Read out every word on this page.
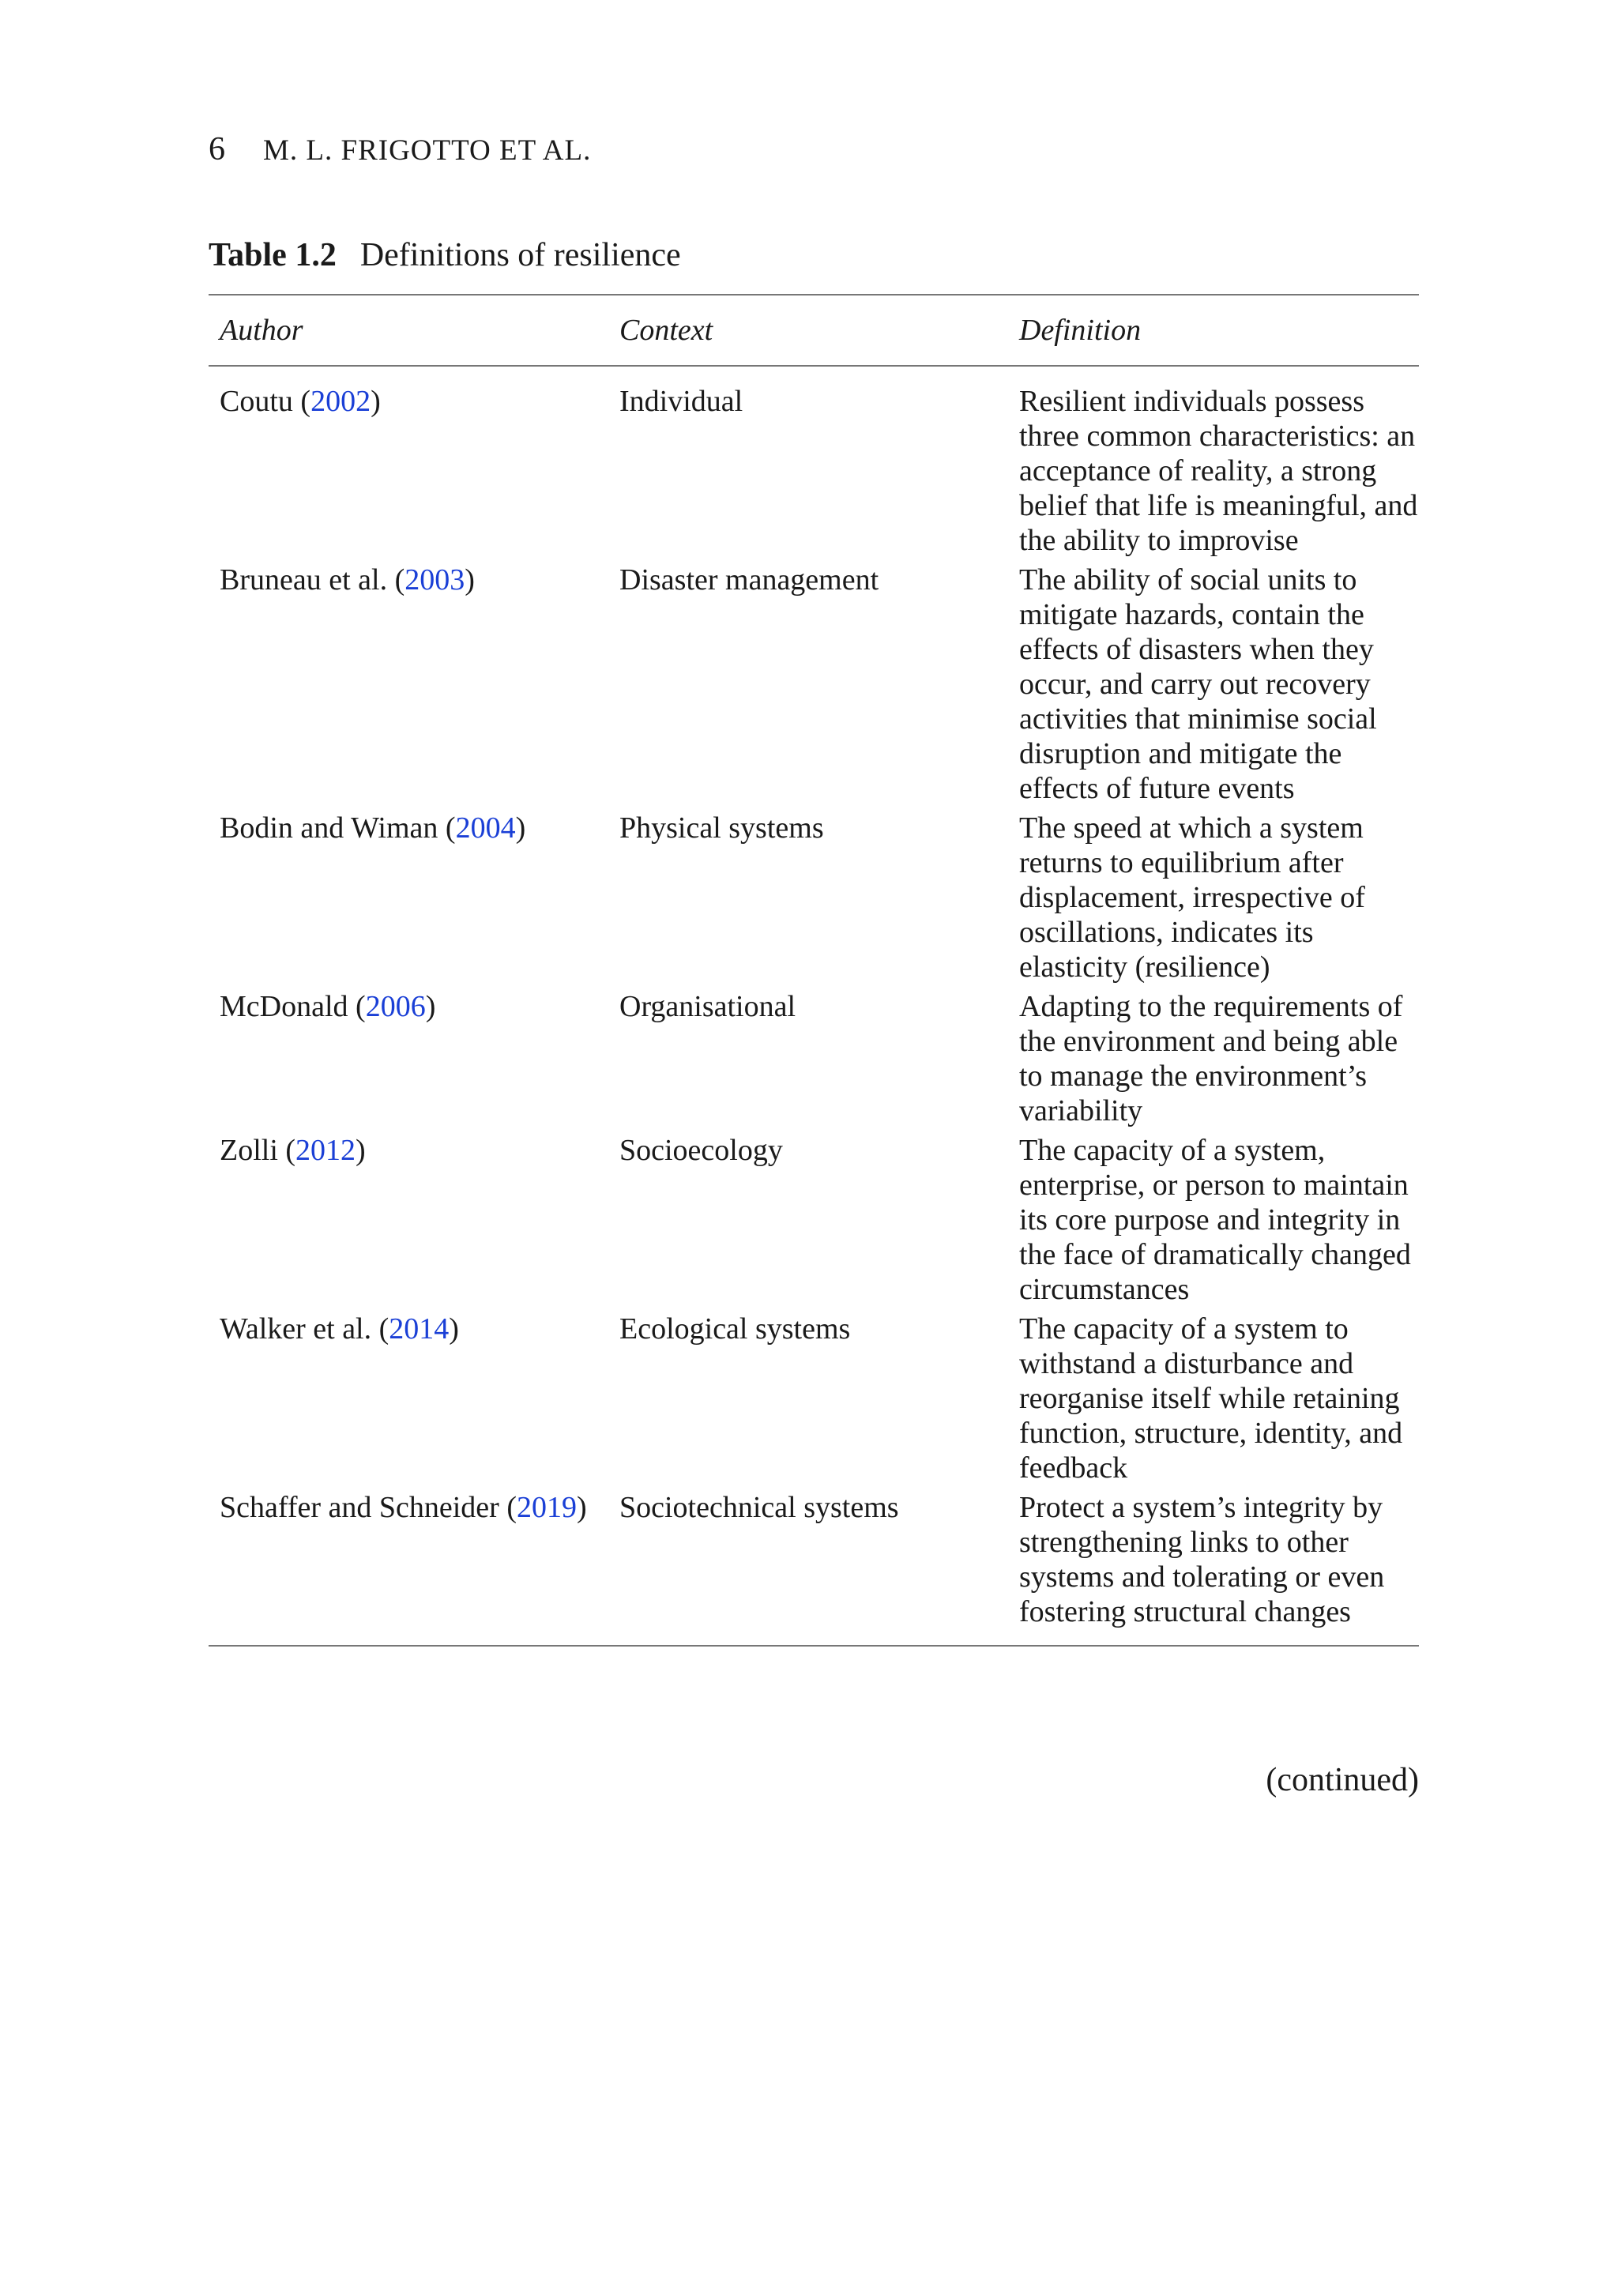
6 M. L. FRIGOTTO ET AL.
Table 1.2 Definitions of resilience
Author	Context	Definition
Coutu (2002)	Individual	Resilient individuals possess three common characteristics: an acceptance of reality, a strong belief that life is meaningful, and the ability to improvise
Bruneau et al. (2003)	Disaster management	The ability of social units to mitigate hazards, contain the effects of disasters when they occur, and carry out recovery activities that minimise social disruption and mitigate the effects of future events
Bodin and Wiman (2004)	Physical systems	The speed at which a system returns to equilibrium after displacement, irrespective of oscillations, indicates its elasticity (resilience)
McDonald (2006)	Organisational	Adapting to the requirements of the environment and being able to manage the environment’s variability
Zolli (2012)	Socioecology	The capacity of a system, enterprise, or person to maintain its core purpose and integrity in the face of dramatically changed circumstances
Walker et al. (2014)	Ecological systems	The capacity of a system to withstand a disturbance and reorganise itself while retaining function, structure, identity, and feedback
Schaffer and Schneider (2019)	Sociotechnical systems	Protect a system’s integrity by strengthening links to other systems and tolerating or even fostering structural changes
(continued)
